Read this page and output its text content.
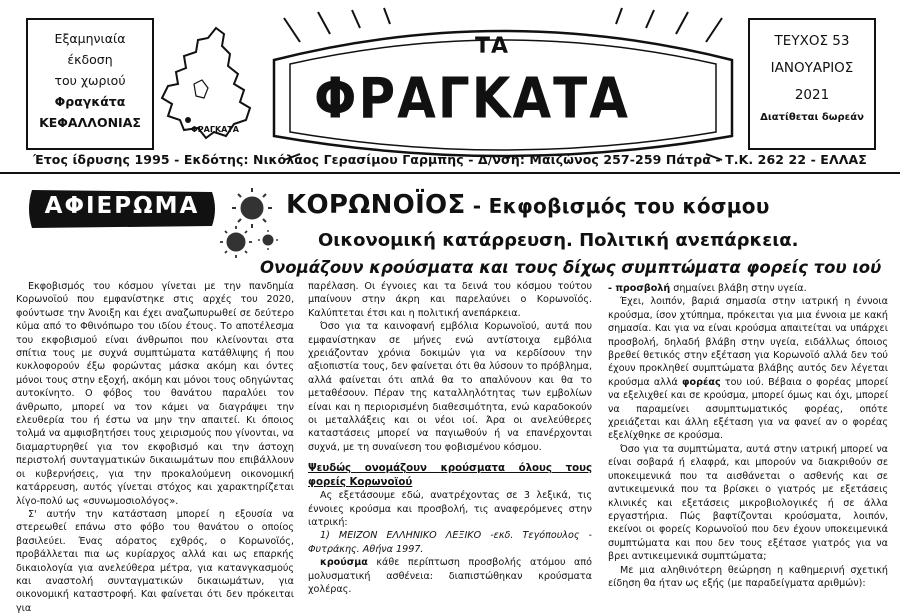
Εξαμηνιαία
έκδοση
του χωριού
Φραγκάτα
ΚΕΦΑΛΛΟΝΙΑΣ	ΦΡΑΓΚΑΤΑ
ΤΑ
ΦΡΑΓΚΑΤΑ
ΤΕΥΧΟΣ 53
ΙΑΝΟΥΑΡΙΟΣ
2021
Διατίθεται δωρεάν
Έτος ίδρυσης 1995 - Εκδότης: Νικόλαος Γερασίμου Γαρμπής - Δ/νση: Μαιζώνος 257-259 Πάτρα - Τ.Κ. 262 22 - ΕΛΛΑΣ
ΑΦΙΕΡΩΜΑ	ΚΟΡΩΝΟΪΟΣ - Εκφοβισμός του κόσμου
Οικονομική κατάρρευση. Πολιτική ανεπάρκεια.
Ονομάζουν κρούσματα και τους δίχως συμπτώματα φορείς του ιού

Εκφοβισμός του κόσμου γίνεται με την πανδημία Κορωνοϊού που εμφανίστηκε στις αρχές του 2020, φούντωσε την Άνοιξη και έχει αναζωπυρωθεί σε δεύτερο κύμα από το Φθινόπωρο του ιδίου έτους. Το αποτέλεσμα του εκφοβισμού είναι άνθρωποι που κλείνονται στα σπίτια τους με συχνά συμπτώματα κατάθλιψης ή που κυκλοφορούν έξω φορώντας μάσκα ακόμη και όντες μόνοι τους στην εξοχή, ακόμη και μόνοι τους οδηγώντας αυτοκίνητο. Ο φόβος του θανάτου παραλύει τον άνθρωπο, μπορεί να τον κάμει να διαγράψει την ελευθερία του ή έστω να μην την απαιτεί. Κι όποιος τολμά να αμφισβητήσει τους χειρισμούς που γίνονται, να διαμαρτυρηθεί για τον εκφοβισμό και την άστοχη περιστολή συνταγματικών δικαιωμάτων που επιβάλλουν οι κυβερνήσεις, για την προκαλούμενη οικονομική κατάρρευση, αυτός γίνεται στόχος και χαρακτηρίζεται λίγο-πολύ ως «συνωμοσιολόγος».

Σ' αυτήν την κατάσταση μπορεί η εξουσία να στερεωθεί επάνω στο φόβο του θανάτου ο οποίος βασιλεύει. Ένας αόρατος εχθρός, ο Κορωνοϊός, προβάλλεται πια ως κυρίαρχος αλλά και ως επαρκής δικαιολογία για ανελεύθερα μέτρα, για κατανγκασμούς και αναστολή συνταγματικών δικαιωμάτων, για οικονομική καταστροφή. Και φαίνεται ότι δεν πρόκειται για

παρέλαση. Οι έγνοιες και τα δεινά του κόσμου τούτου μπαίνουν στην άκρη και παρελαύνει ο Κορωνοϊός. Καλύπτεται έτσι και η πολιτική ανεπάρκεια.

Όσο για τα καινοφανή εμβόλια Κορωνοϊού, αυτά που εμφανίστηκαν σε μήνες ενώ αντίστοιχα εμβόλια χρειάζονταν χρόνια δοκιμών για να κερδίσουν την αξιοπιστία τους, δεν φαίνεται ότι θα λύσουν το πρόβλημα, αλλά φαίνεται ότι απλά θα το απαλύνουν και θα το μεταθέσουν. Πέραν της καταλληλότητας των εμβολίων είναι και η περιορισμένη διαθεσιμότητα, ενώ καραδοκούν οι μεταλλάξεις και οι νέοι ιοί. Άρα οι ανελεύθερες καταστάσεις μπορεί να παγιωθούν ή να επανέρχονται συχνά, με τη συναίνεση του φοβισμένου κόσμου.

Ψευδώς ονομάζουν κρούσματα όλους τους φορείς Κορωνοϊού

Ας εξετάσουμε εδώ, ανατρέχοντας σε 3 λεξικά, τις έννοιες κρούσμα και προσβολή, τις αναφερόμενες στην ιατρική:

1) ΜΕΙΖΟΝ ΕΛΛΗΝΙΚΟ ΛΕΞΙΚΟ -εκδ. Τεγόπουλος - Φυτράκης. Αθήνα 1997.

κρούσμα κάθε περίπτωση προσβολής ατόμου από μολυσματική ασθένεια: διαπιστώθηκαν κρούσματα χολέρας.

- προσβολή σημαίνει βλάβη στην υγεία.

Έχει, λοιπόν, βαριά σημασία στην ιατρική η έννοια κρούσμα, ίσον χτύπημα, πρόκειται για μια έννοια με κακή σημασία. Και για να είναι κρούσμα απαιτείται να υπάρχει προσβολή, δηλαδή βλάβη στην υγεία, ειδάλλως όποιος βρεθεί θετικός στην εξέταση για Κορωνοϊό αλλά δεν τού έχουν προκληθεί συμπτώματα βλάβης αυτός δεν λέγεται κρούσμα αλλά φορέας του ιού. Βέβαια ο φορέας μπορεί να εξελιχθεί και σε κρούσμα, μπορεί όμως και όχι, μπορεί να παραμείνει ασυμπτωματικός φορέας, οπότε χρειάζεται και άλλη εξέταση για να φανεί αν ο φορέας εξελίχθηκε σε κρούσμα.

Όσο για τα συμπτώματα, αυτά στην ιατρική μπορεί να είναι σοβαρά ή ελαφρά, και μπορούν να διακριθούν σε υποκειμενικά που τα αισθάνεται ο ασθενής και σε αντικειμενικά που τα βρίσκει ο γιατρός με εξετάσεις κλινικές και εξετάσεις μικροβιολογικές ή σε άλλα εργαστήρια. Πώς βαφτίζονται κρούσματα, λοιπόν, εκείνοι οι φορείς Κορωνοϊού που δεν έχουν υποκειμενικά συμπτώματα και που δεν τους εξέτασε γιατρός για να βρει αντικειμενικά συμπτώματα;

Με μια αληθινότερη θεώρηση η καθημερινή σχετική είδηση θα ήταν ως εξής (με παραδείγματα αριθμών):
